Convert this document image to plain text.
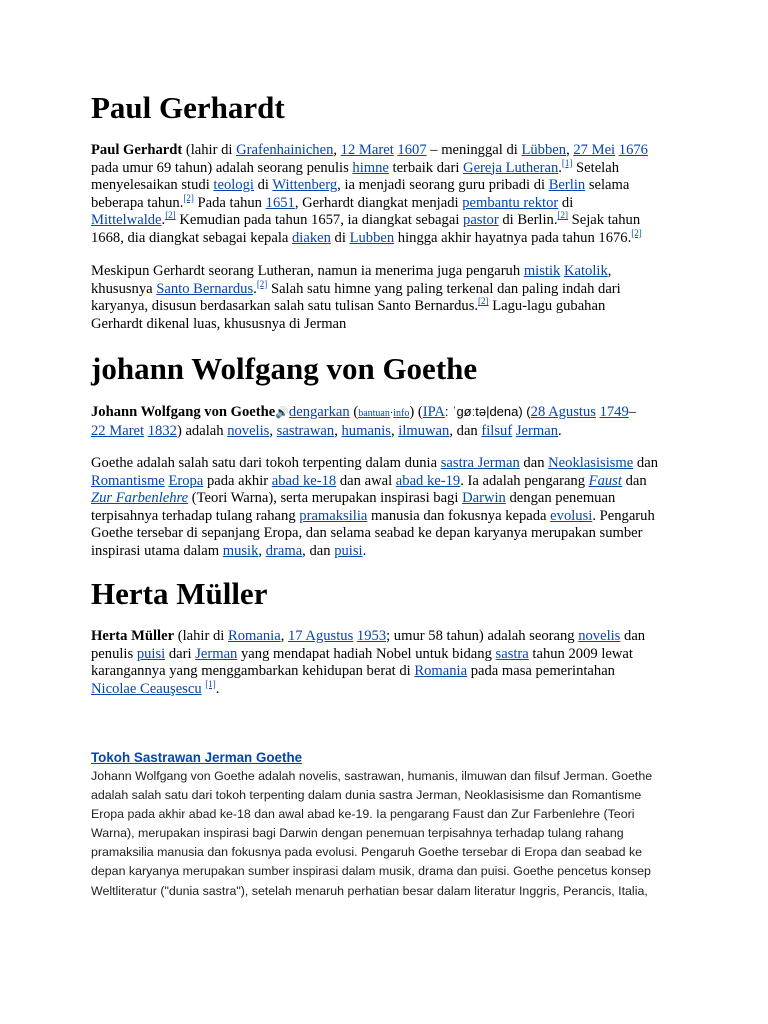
Paul Gerhardt
Paul Gerhardt (lahir di Grafenhainichen, 12 Maret 1607 – meninggal di Lübben, 27 Mei 1676
pada umur 69 tahun) adalah seorang penulis himne terbaik dari Gereja Lutheran.[1] Setelah
menyelesaikan studi teologi di Wittenberg, ia menjadi seorang guru pribadi di Berlin selama
beberapa tahun.[2] Pada tahun 1651, Gerhardt diangkat menjadi pembantu rektor di
Mittelwalde.[2] Kemudian pada tahun 1657, ia diangkat sebagai pastor di Berlin.[2] Sejak tahun
1668, dia diangkat sebagai kepala diaken di Lubben hingga akhir hayatnya pada tahun 1676.[2]
Meskipun Gerhardt seorang Lutheran, namun ia menerima juga pengaruh mistik Katolik,
khususnya Santo Bernardus.[2] Salah satu himne yang paling terkenal dan paling indah dari
karyanya, disusun berdasarkan salah satu tulisan Santo Bernardus.[2] Lagu-lagu gubahan
Gerhardt dikenal luas, khususnya di Jerman
johann Wolfgang von Goethe
Johann Wolfgang von Goethe🔊dengarkan (bantuan·info) (IPA: ˈɡøːtə|dena) (28 Agustus 1749–
22 Maret 1832) adalah novelis, sastrawan, humanis, ilmuwan, dan filsuf Jerman.
Goethe adalah salah satu dari tokoh terpenting dalam dunia sastra Jerman dan Neoklasisisme dan
Romantisme Eropa pada akhir abad ke-18 dan awal abad ke-19. Ia adalah pengarang Faust dan
Zur Farbenlehre (Teori Warna), serta merupakan inspirasi bagi Darwin dengan penemuan
terpisahnya terhadap tulang rahang pramaksilia manusia dan fokusnya kepada evolusi. Pengaruh
Goethe tersebar di sepanjang Eropa, dan selama seabad ke depan karyanya merupakan sumber
inspirasi utama dalam musik, drama, dan puisi.
Herta Müller
Herta Müller (lahir di Romania, 17 Agustus 1953; umur 58 tahun) adalah seorang novelis dan
penulis puisi dari Jerman yang mendapat hadiah Nobel untuk bidang sastra tahun 2009 lewat
karangannya yang menggambarkan kehidupan berat di Romania pada masa pemerintahan
Nicolae Ceauşescu [1].
Tokoh Sastrawan Jerman Goethe
Johann Wolfgang von Goethe adalah novelis, sastrawan, humanis, ilmuwan dan filsuf Jerman. Goethe
adalah salah satu dari tokoh terpenting dalam dunia sastra Jerman, Neoklasisisme dan Romantisme
Eropa pada akhir abad ke-18 dan awal abad ke-19. Ia pengarang Faust dan Zur Farbenlehre (Teori
Warna), merupakan inspirasi bagi Darwin dengan penemuan terpisahnya terhadap tulang rahang
pramaksilia manusia dan fokusnya pada evolusi. Pengaruh Goethe tersebar di Eropa dan seabad ke
depan karyanya merupakan sumber inspirasi dalam musik, drama dan puisi. Goethe pencetus konsep
Weltliteratur ("dunia sastra"), setelah menaruh perhatian besar dalam literatur Inggris, Perancis, Italia,
